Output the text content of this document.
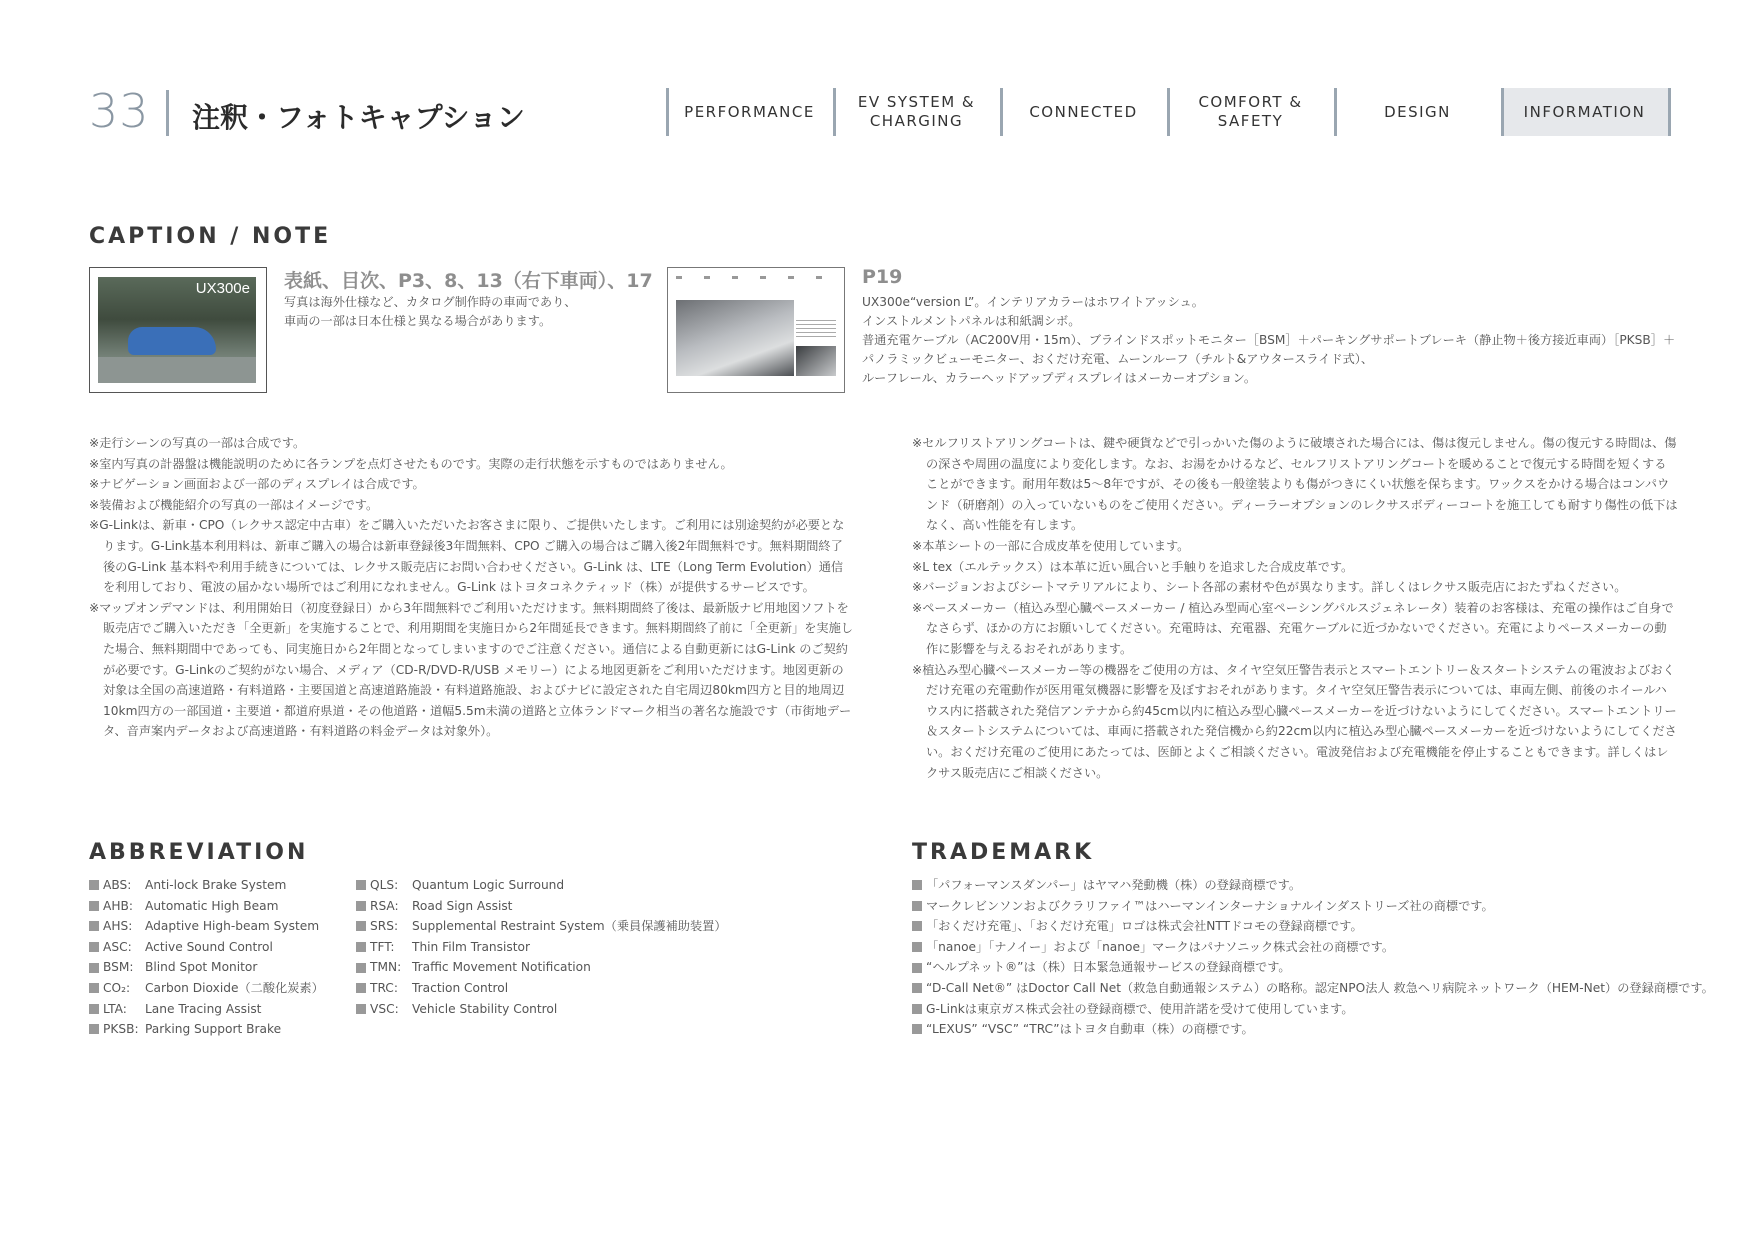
33 注釈・フォトキャプション	PERFORMANCE
EV SYSTEM &
CHARGING
CONNECTED
COMFORT &
SAFETY
DESIGN	INFORMATION
CAPTION / NOTE
UX300e 表紙、目次、P3、8、13（右下車両）、17
写真は海外仕様など、カタログ制作時の車両であり、
車両の一部は日本仕様と異なる場合があります。
P19
UX300e“version L”。インテリアカラーはホワイトアッシュ。
インストルメントパネルは和紙調シボ。
普通充電ケーブル（AC200V用・15m）、ブラインドスポットモニター［BSM］＋パーキングサポートブレーキ（静止物＋後方接近車両）［PKSB］＋
パノラミックビューモニター、おくだけ充電、ムーンルーフ（チルト&アウタースライド式）、
ルーフレール、カラーヘッドアップディスプレイはメーカーオプション。

※走行シーンの写真の一部は合成です。

※室内写真の計器盤は機能説明のために各ランプを点灯させたものです。実際の走行状態を示すものではありません。

※ナビゲーション画面および一部のディスプレイは合成です。

※装備および機能紹介の写真の一部はイメージです。

※G-Linkは、新車・CPO（レクサス認定中古車）をご購入いただいたお客さまに限り、ご提供いたします。ご利用には別途契約が必要となります。G-Link基本利用料は、新車ご購入の場合は新車登録後3年間無料、CPO ご購入の場合はご購入後2年間無料です。無料期間終了後のG-Link 基本料や利用手続きについては、レクサス販売店にお問い合わせください。G-Link は、LTE（Long Term Evolution）通信を利用しており、電波の届かない場所ではご利用になれません。G-Link はトヨタコネクティッド（株）が提供するサービスです。

※マップオンデマンドは、利用開始日（初度登録日）から3年間無料でご利用いただけます。無料期間終了後は、最新版ナビ用地図ソフトを販売店でご購入いただき「全更新」を実施することで、利用期間を実施日から2年間延長できます。無料期間終了前に「全更新」を実施した場合、無料期間中であっても、同実施日から2年間となってしまいますのでご注意ください。通信による自動更新にはG-Link のご契約が必要です。G-Linkのご契約がない場合、メディア（CD-R/DVD-R/USB メモリー）による地図更新をご利用いただけます。地図更新の対象は全国の高速道路・有料道路・主要国道と高速道路施設・有料道路施設、およびナビに設定された自宅周辺80km四方と目的地周辺10km四方の一部国道・主要道・都道府県道・その他道路・道幅5.5m未満の道路と立体ランドマーク相当の著名な施設です（市街地データ、音声案内データおよび高速道路・有料道路の料金データは対象外）。

※セルフリストアリングコートは、鍵や硬貨などで引っかいた傷のように破壊された場合には、傷は復元しません。傷の復元する時間は、傷の深さや周囲の温度により変化します。なお、お湯をかけるなど、セルフリストアリングコートを暖めることで復元する時間を短くすることができます。耐用年数は5〜8年ですが、その後も一般塗装よりも傷がつきにくい状態を保ちます。ワックスをかける場合はコンパウンド（研磨剤）の入っていないものをご使用ください。ディーラーオプションのレクサスボディーコートを施工しても耐すり傷性の低下はなく、高い性能を有します。

※本革シートの一部に合成皮革を使用しています。

※L tex（エルテックス）は本革に近い風合いと手触りを追求した合成皮革です。

※バージョンおよびシートマテリアルにより、シート各部の素材や色が異なります。詳しくはレクサス販売店におたずねください。

※ペースメーカー（植込み型心臓ペースメーカー / 植込み型両心室ペーシングパルスジェネレータ）装着のお客様は、充電の操作はご自身でなさらず、ほかの方にお願いしてください。充電時は、充電器、充電ケーブルに近づかないでください。充電によりペースメーカーの動作に影響を与えるおそれがあります。

※植込み型心臓ペースメーカー等の機器をご使用の方は、タイヤ空気圧警告表示とスマートエントリー＆スタートシステムの電波およびおくだけ充電の充電動作が医用電気機器に影響を及ぼすおそれがあります。タイヤ空気圧警告表示については、車両左側、前後のホイールハウス内に搭載された発信アンテナから約45cm以内に植込み型心臓ペースメーカーを近づけないようにしてください。スマートエントリー＆スタートシステムについては、車両に搭載された発信機から約22cm以内に植込み型心臓ペースメーカーを近づけないようにしてください。おくだけ充電のご使用にあたっては、医師とよくご相談ください。電波発信および充電機能を停止することもできます。詳しくはレクサス販売店にご相談ください。

ABBREVIATION
ABS:	Anti-lock Brake System
AHB: Automatic High Beam
AHS:	Adaptive High-beam System
ASC:	Active Sound Control
BSM: Blind Spot Monitor
CO₂:	Carbon Dioxide（二酸化炭素）
LTA:	Lane Tracing Assist
PKSB: Parking Support Brake
QLS:	Quantum Logic Surround
RSA:	Road Sign Assist
SRS:	Supplemental Restraint System（乗員保護補助装置）
TFT:	Thin Film Transistor
TMN: Traffic Movement Notification
TRC:	Traction Control
VSC:	Vehicle Stability Control
TRADEMARK
「パフォーマンスダンパー」はヤマハ発動機（株）の登録商標です。
マークレビンソンおよびクラリファイ™はハーマンインターナショナルインダストリーズ社の商標です。
「おくだけ充電」、「おくだけ充電」ロゴは株式会社NTTドコモの登録商標です。
「nanoe」「ナノイー」および「nanoe」マークはパナソニック株式会社の商標です。
“ヘルプネット®”は（株）日本緊急通報サービスの登録商標です。
“D-Call Net®” はDoctor Call Net（救急自動通報システム）の略称。認定NPO法人 救急ヘリ病院ネットワーク（HEM-Net）の登録商標です。
G-Linkは東京ガス株式会社の登録商標で、使用許諾を受けて使用しています。
“LEXUS” “VSC” “TRC”はトヨタ自動車（株）の商標です。
